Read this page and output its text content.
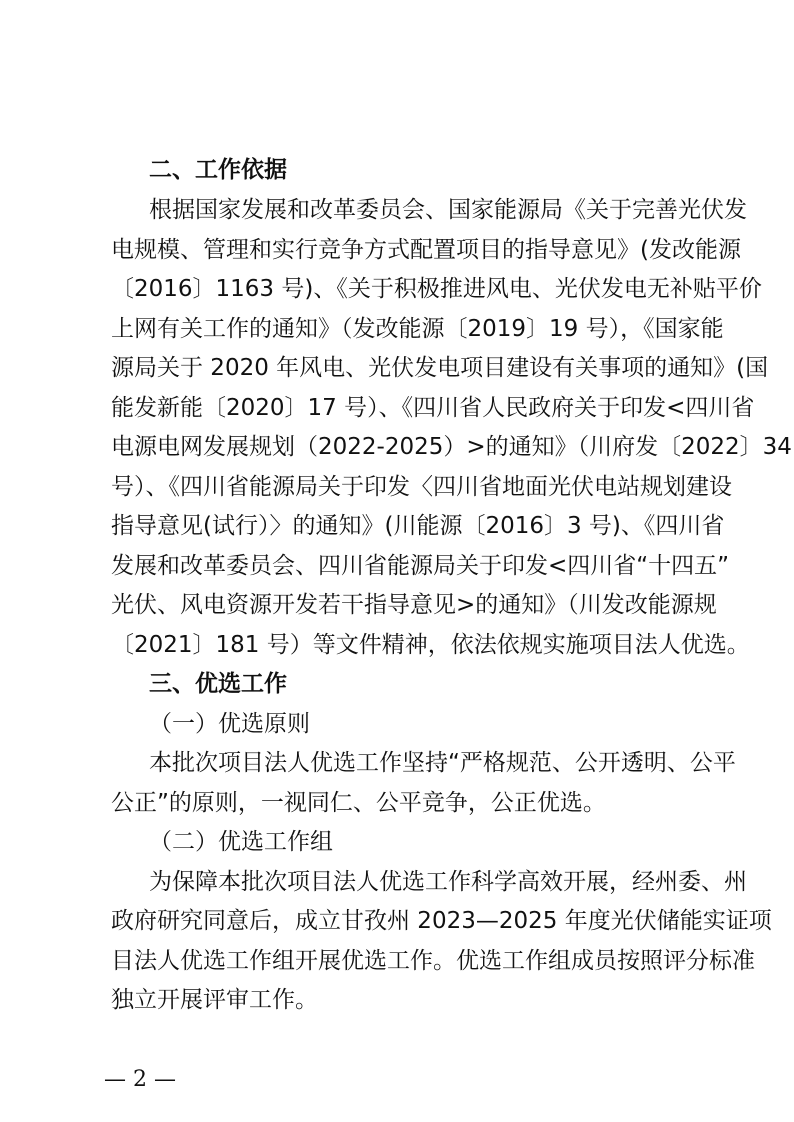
二、工作依据
根据国家发展和改革委员会、国家能源局《关于完善光伏发
电规模、管理和实行竞争方式配置项目的指导意见》(发改能源
〔2016〕1163 号)、《关于积极推进风电、光伏发电无补贴平价
上网有关工作的通知》（发改能源〔2019〕19 号），《国家能
源局关于 2020 年风电、光伏发电项目建设有关事项的通知》(国
能发新能〔2020〕17 号）、《四川省人民政府关于印发<四川省
电源电网发展规划（2022-2025）>的通知》（川府发〔2022〕34
号）、《四川省能源局关于印发〈四川省地面光伏电站规划建设
指导意见(试行）〉的通知》(川能源〔2016〕3 号)、《四川省
发展和改革委员会、四川省能源局关于印发<四川省“十四五”
光伏、风电资源开发若干指导意见>的通知》（川发改能源规
〔2021〕181 号）等文件精神，依法依规实施项目法人优选。
三、优选工作
（一）优选原则
本批次项目法人优选工作坚持“严格规范、公开透明、公平
公正”的原则，一视同仁、公平竞争，公正优选。
（二）优选工作组
为保障本批次项目法人优选工作科学高效开展，经州委、州
政府研究同意后，成立甘孜州 2023—2025 年度光伏储能实证项
目法人优选工作组开展优选工作。优选工作组成员按照评分标准
独立开展评审工作。
— 2 —
